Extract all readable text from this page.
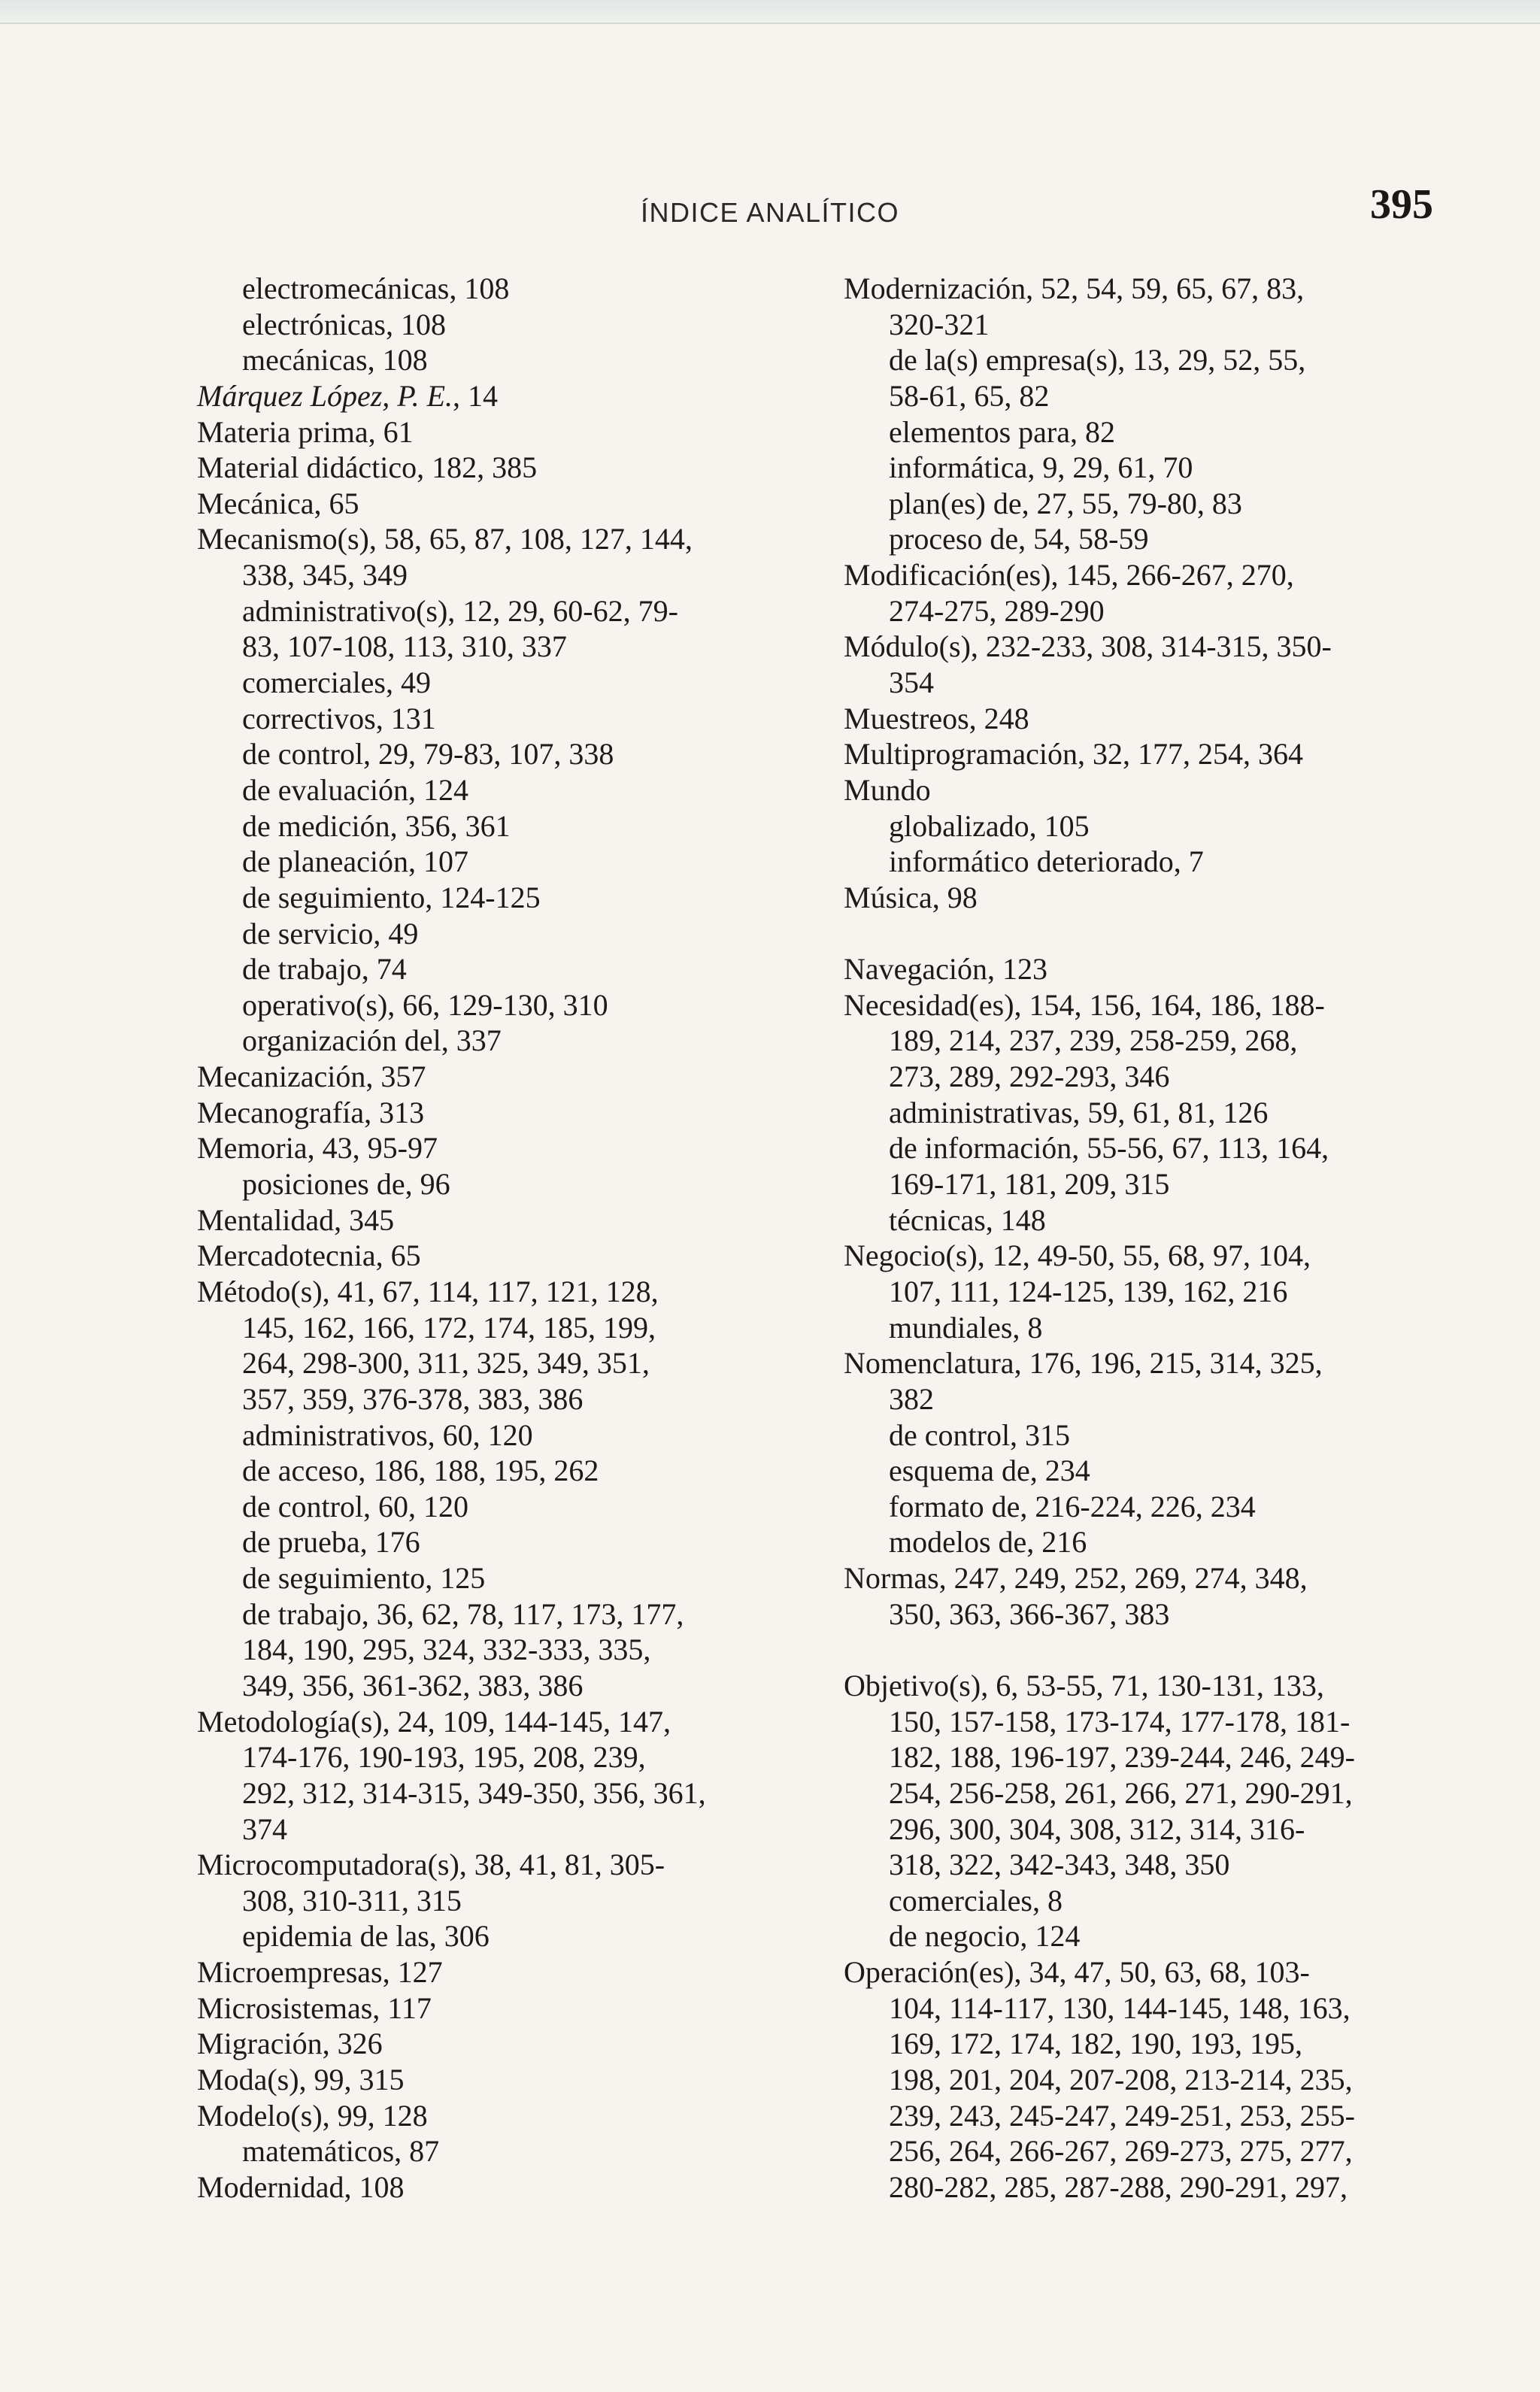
ÍNDICE ANALÍTICO	395
electromecánicas, 108
electrónicas, 108
mecánicas, 108
Márquez López, P. E., 14
Materia prima, 61
Material didáctico, 182, 385
Mecánica, 65
Mecanismo(s), 58, 65, 87, 108, 127, 144,
338, 345, 349
administrativo(s), 12, 29, 60-62, 79-
83, 107-108, 113, 310, 337
comerciales, 49
correctivos, 131
de control, 29, 79-83, 107, 338
de evaluación, 124
de medición, 356, 361
de planeación, 107
de seguimiento, 124-125
de servicio, 49
de trabajo, 74
operativo(s), 66, 129-130, 310
organización del, 337
Mecanización, 357
Mecanografía, 313
Memoria, 43, 95-97
posiciones de, 96
Mentalidad, 345
Mercadotecnia, 65
Método(s), 41, 67, 114, 117, 121, 128,
145, 162, 166, 172, 174, 185, 199,
264, 298-300, 311, 325, 349, 351,
357, 359, 376-378, 383, 386
administrativos, 60, 120
de acceso, 186, 188, 195, 262
de control, 60, 120
de prueba, 176
de seguimiento, 125
de trabajo, 36, 62, 78, 117, 173, 177,
184, 190, 295, 324, 332-333, 335,
349, 356, 361-362, 383, 386
Metodología(s), 24, 109, 144-145, 147,
174-176, 190-193, 195, 208, 239,
292, 312, 314-315, 349-350, 356, 361,
374
Microcomputadora(s), 38, 41, 81, 305-
308, 310-311, 315
epidemia de las, 306
Microempresas, 127
Microsistemas, 117
Migración, 326
Moda(s), 99, 315
Modelo(s), 99, 128
matemáticos, 87
Modernidad, 108
Modernización, 52, 54, 59, 65, 67, 83,
320-321
de la(s) empresa(s), 13, 29, 52, 55,
58-61, 65, 82
elementos para, 82
informática, 9, 29, 61, 70
plan(es) de, 27, 55, 79-80, 83
proceso de, 54, 58-59
Modificación(es), 145, 266-267, 270,
274-275, 289-290
Módulo(s), 232-233, 308, 314-315, 350-
354
Muestreos, 248
Multiprogramación, 32, 177, 254, 364
Mundo
globalizado, 105
informático deteriorado, 7
Música, 98
Navegación, 123
Necesidad(es), 154, 156, 164, 186, 188-
189, 214, 237, 239, 258-259, 268,
273, 289, 292-293, 346
administrativas, 59, 61, 81, 126
de información, 55-56, 67, 113, 164,
169-171, 181, 209, 315
técnicas, 148
Negocio(s), 12, 49-50, 55, 68, 97, 104,
107, 111, 124-125, 139, 162, 216
mundiales, 8
Nomenclatura, 176, 196, 215, 314, 325,
382
de control, 315
esquema de, 234
formato de, 216-224, 226, 234
modelos de, 216
Normas, 247, 249, 252, 269, 274, 348,
350, 363, 366-367, 383
Objetivo(s), 6, 53-55, 71, 130-131, 133,
150, 157-158, 173-174, 177-178, 181-
182, 188, 196-197, 239-244, 246, 249-
254, 256-258, 261, 266, 271, 290-291,
296, 300, 304, 308, 312, 314, 316-
318, 322, 342-343, 348, 350
comerciales, 8
de negocio, 124
Operación(es), 34, 47, 50, 63, 68, 103-
104, 114-117, 130, 144-145, 148, 163,
169, 172, 174, 182, 190, 193, 195,
198, 201, 204, 207-208, 213-214, 235,
239, 243, 245-247, 249-251, 253, 255-
256, 264, 266-267, 269-273, 275, 277,
280-282, 285, 287-288, 290-291, 297,
